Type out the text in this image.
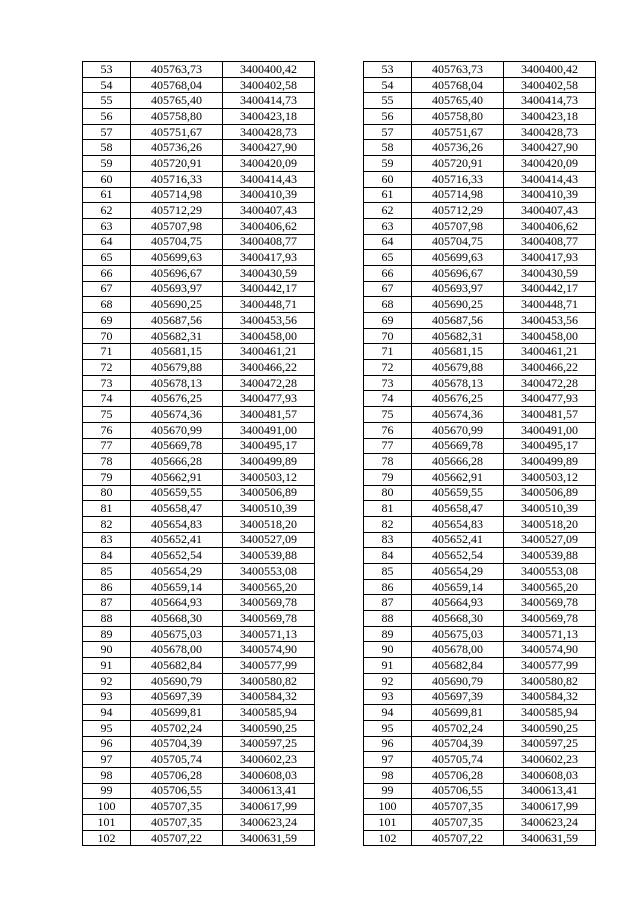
53	405763,73	3400400,42		53	405763,73	3400400,42
54	405768,04	3400402,58		54	405768,04	3400402,58
55	405765,40	3400414,73		55	405765,40	3400414,73
56	405758,80	3400423,18		56	405758,80	3400423,18
57	405751,67	3400428,73		57	405751,67	3400428,73
58	405736,26	3400427,90		58	405736,26	3400427,90
59	405720,91	3400420,09		59	405720,91	3400420,09
60	405716,33	3400414,43		60	405716,33	3400414,43
61	405714,98	3400410,39		61	405714,98	3400410,39
62	405712,29	3400407,43		62	405712,29	3400407,43
63	405707,98	3400406,62		63	405707,98	3400406,62
64	405704,75	3400408,77		64	405704,75	3400408,77
65	405699,63	3400417,93		65	405699,63	3400417,93
66	405696,67	3400430,59		66	405696,67	3400430,59
67	405693,97	3400442,17		67	405693,97	3400442,17
68	405690,25	3400448,71		68	405690,25	3400448,71
69	405687,56	3400453,56		69	405687,56	3400453,56
70	405682,31	3400458,00		70	405682,31	3400458,00
71	405681,15	3400461,21		71	405681,15	3400461,21
72	405679,88	3400466,22		72	405679,88	3400466,22
73	405678,13	3400472,28		73	405678,13	3400472,28
74	405676,25	3400477,93		74	405676,25	3400477,93
75	405674,36	3400481,57		75	405674,36	3400481,57
76	405670,99	3400491,00		76	405670,99	3400491,00
77	405669,78	3400495,17		77	405669,78	3400495,17
78	405666,28	3400499,89		78	405666,28	3400499,89
79	405662,91	3400503,12		79	405662,91	3400503,12
80	405659,55	3400506,89		80	405659,55	3400506,89
81	405658,47	3400510,39		81	405658,47	3400510,39
82	405654,83	3400518,20		82	405654,83	3400518,20
83	405652,41	3400527,09		83	405652,41	3400527,09
84	405652,54	3400539,88		84	405652,54	3400539,88
85	405654,29	3400553,08		85	405654,29	3400553,08
86	405659,14	3400565,20		86	405659,14	3400565,20
87	405664,93	3400569,78		87	405664,93	3400569,78
88	405668,30	3400569,78		88	405668,30	3400569,78
89	405675,03	3400571,13		89	405675,03	3400571,13
90	405678,00	3400574,90		90	405678,00	3400574,90
91	405682,84	3400577,99		91	405682,84	3400577,99
92	405690,79	3400580,82		92	405690,79	3400580,82
93	405697,39	3400584,32		93	405697,39	3400584,32
94	405699,81	3400585,94		94	405699,81	3400585,94
95	405702,24	3400590,25		95	405702,24	3400590,25
96	405704,39	3400597,25		96	405704,39	3400597,25
97	405705,74	3400602,23		97	405705,74	3400602,23
98	405706,28	3400608,03		98	405706,28	3400608,03
99	405706,55	3400613,41		99	405706,55	3400613,41
100	405707,35	3400617,99		100	405707,35	3400617,99
101	405707,35	3400623,24		101	405707,35	3400623,24
102	405707,22	3400631,59		102	405707,22	3400631,59
